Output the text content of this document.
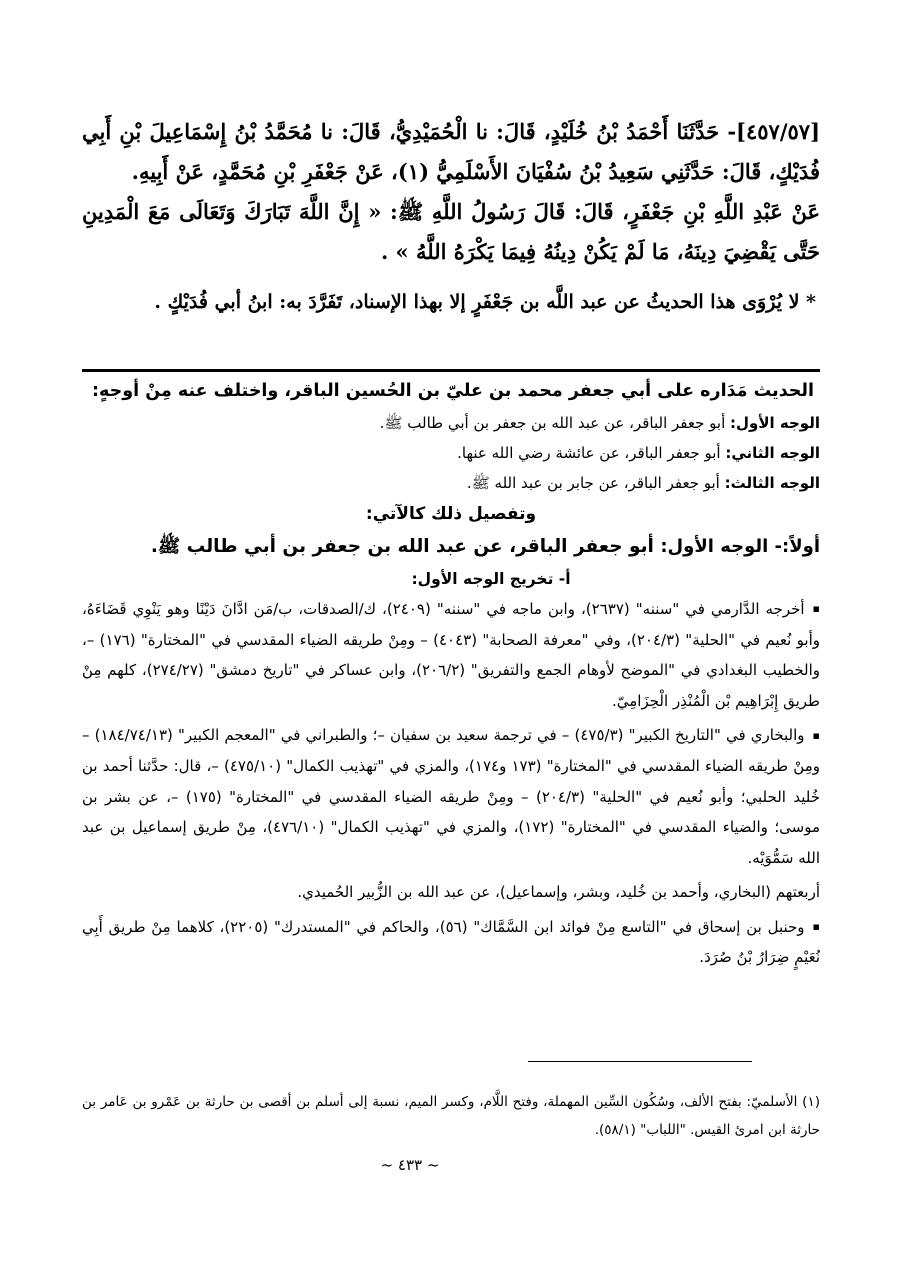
[٤٥٧/٥٧]- حَدَّثَنَا أَحْمَدُ بْنُ خُلَيْدٍ، قَالَ: نا الْحُمَيْدِيُّ، قَالَ: نا مُحَمَّدُ بْنُ إِسْمَاعِيلَ بْنِ أَبِي فُدَيْكٍ، قَالَ: حَدَّثَنِي سَعِيدُ بْنُ سُفْيَانَ الأَسْلَمِيُّ (١)، عَنْ جَعْفَرِ بْنِ مُحَمَّدٍ، عَنْ أَبِيهِ.

عَنْ عَبْدِ اللَّهِ بْنِ جَعْفَرٍ، قَالَ: قَالَ رَسُولُ اللَّهِ ﷺ: « إِنَّ اللَّهَ تَبَارَكَ وَتَعَالَى مَعَ الْمَدِينِ حَتَّى يَقْضِيَ دِينَهُ، مَا لَمْ يَكُنْ دِينُهُ فِيمَا يَكْرَهُ اللَّهُ » .

* لا يُرْوَى هذا الحديثُ عن عبد اللَّه بن جَعْفَرٍ إلا بهذا الإسناد، تَفَرَّدَ به: ابنُ أبي فُدَيْكٍ .

الحديث مَدَاره على أبي جعفر محمد بن عليّ بن الحُسين الباقر، واختلف عنه مِنْ أوجهٍ:

الوجه الأول: أبو جعفر الباقر، عن عبد الله بن جعفر بن أبي طالب ﷺ.

الوجه الثاني: أبو جعفر الباقر، عن عائشة رضي الله عنها.

الوجه الثالث: أبو جعفر الباقر، عن جابر بن عبد الله ﷺ.

وتفصيل ذلك كالآتي:

أولاً:- الوجه الأول: أبو جعفر الباقر، عن عبد الله بن جعفر بن أبي طالب ﷺ.

أ- تخريج الوجه الأول:

▪أخرجه الدَّارمي في "سننه" (٢٦٣٧)، وابن ماجه في "سننه" (٢٤٠٩)، ك/الصدقات، ب/مَن ادَّانَ دَيْنًا وهو يَنْوِي قَضَاءَهُ، وأبو نُعيم في "الحلية" (٢٠٤/٣)، وفي "معرفة الصحابة" (٤٠٤٣) – ومِنْ طريقه الضياء المقدسي في "المختارة" (١٧٦) –، والخطيب البغدادي في "الموضح لأوهام الجمع والتفريق" (٢٠٦/٢)، وابن عساكر في "تاريخ دمشق" (٢٧٤/٢٧)، كلهم مِنْ طريق إِبْرَاهِيم بْن الْمُنْذِر الْحِزَامِيّ.

▪والبخاري في "التاريخ الكبير" (٤٧٥/٣) – في ترجمة سعيد بن سفيان –؛ والطبراني في "المعجم الكبير" (١٨٤/٧٤/١٣) – ومِنْ طريقه الضياء المقدسي في "المختارة" (١٧٣ و١٧٤)، والمزي في "تهذيب الكمال" (٤٧٥/١٠) –، قال: حدَّثنا أحمد بن خُليد الحلبي؛ وأبو نُعيم في "الحلية" (٢٠٤/٣) – ومِنْ طريقه الضياء المقدسي في "المختارة" (١٧٥) –، عن بشر بن موسى؛ والضياء المقدسي في "المختارة" (١٧٢)، والمزي في "تهذيب الكمال" (٤٧٦/١٠)، مِنْ طريق إسماعيل بن عبد الله سَمُّوَيْه.

أربعتهم (البخاري، وأحمد بن خُليد، وبشر، وإسماعيل)، عن عبد الله بن الزُّبير الحُميدي.

▪وحنبل بن إسحاق في "التاسع مِنْ فوائد ابن السَّمَّاك" (٥٦)، والحاكم في "المستدرك" (٢٢٠٥)، كلاهما مِنْ طريق أَبِي نُعَيْمٍ ضِرَارُ بْنُ صُرَدَ.

(١) الأسلميّ: بفتح الألف، وسُكُون السِّين المهملة، وفتح اللَّام، وكسر الميم، نسبة إلى أسلم بن أقصى بن حارثة بن عَمْرو بن عَامر بن حارثة ابن امرئ القيس. "اللباب" (٥٨/١).

~ ٤٣٣ ~
